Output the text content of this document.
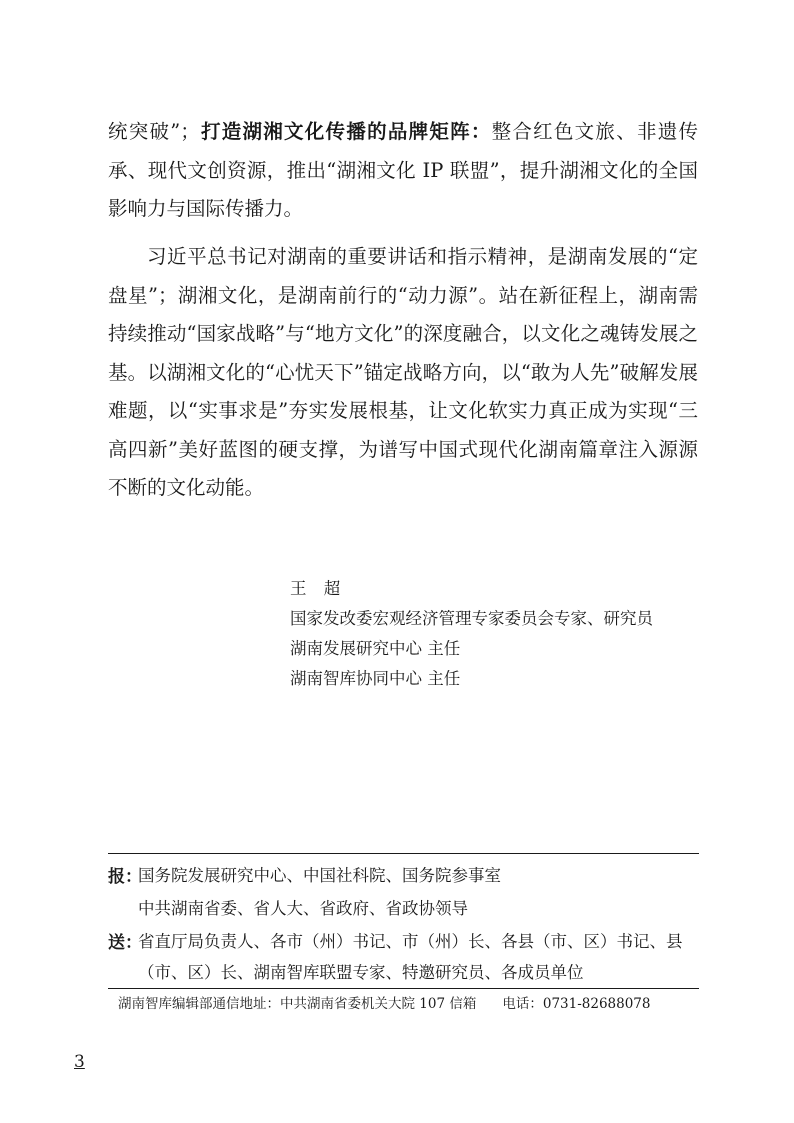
统突破”；打造湖湘文化传播的品牌矩阵：整合红色文旅、非遗传承、现代文创资源，推出“湖湘文化 IP 联盟”，提升湖湘文化的全国影响力与国际传播力。

习近平总书记对湖南的重要讲话和指示精神，是湖南发展的“定盘星”；湖湘文化，是湖南前行的“动力源”。站在新征程上，湖南需持续推动“国家战略”与“地方文化”的深度融合，以文化之魂铸发展之基。以湖湘文化的“心忧天下”锚定战略方向，以“敢为人先”破解发展难题，以“实事求是”夯实发展根基，让文化软实力真正成为实现“三高四新”美好蓝图的硬支撑，为谱写中国式现代化湖南篇章注入源源不断的文化动能。

王 超
国家发改委宏观经济管理专家委员会专家、研究员
湖南发展研究中心 主任
湖南智库协同中心 主任
报：
国务院发展研究中心、中国社科院、国务院参事室
中共湖南省委、省人大、省政府、省政协领导
送：
省直厅局负责人、各市（州）书记、市（州）长、各县（市、区）书记、县
（市、区）长、湖南智库联盟专家、特邀研究员、各成员单位
湖南智库编辑部通信地址：中共湖南省委机关大院 107 信箱 电话：0731-82688078
3
